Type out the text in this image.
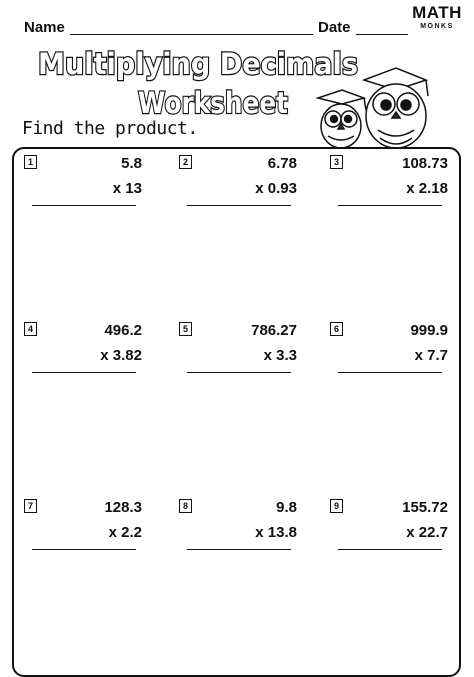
Name	Date
MATH
MONKS
Multiplying Decimals
Worksheet
Find the product.
1	5.8
x 13
2	6.78
x 0.93
3	108.73
x 2.18
4	496.2
x 3.82
5	786.27
x 3.3
6	999.9
x 7.7
7	128.3
x 2.2
8	9.8
x 13.8
9	155.72
x 22.7
